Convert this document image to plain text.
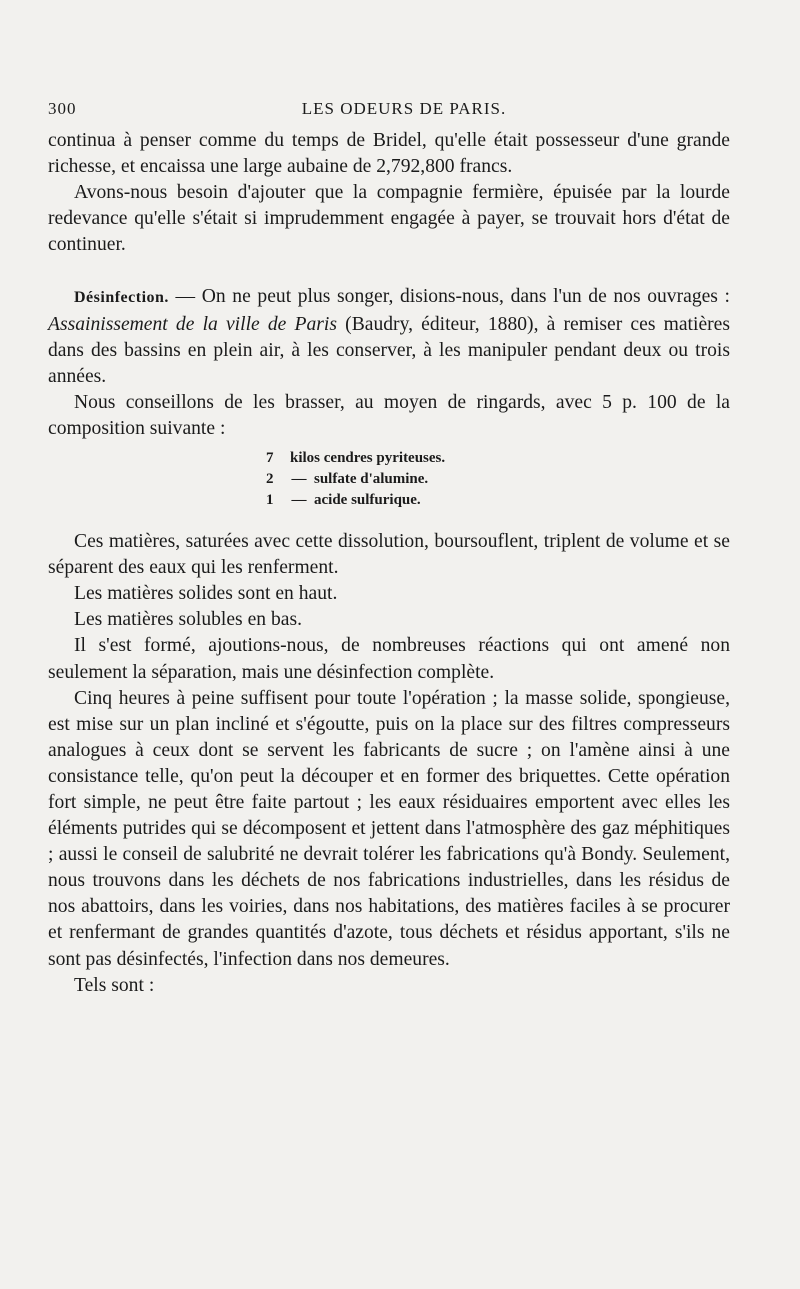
300	LES ODEURS DE PARIS.

continua à penser comme du temps de Bridel, qu'elle était possesseur d'une grande richesse, et encaissa une large aubaine de 2,792,800 francs.

Avons-nous besoin d'ajouter que la compagnie fermière, épuisée par la lourde redevance qu'elle s'était si imprudemment engagée à payer, se trouvait hors d'état de continuer.

Désinfection. — On ne peut plus songer, disions-nous, dans l'un de nos ouvrages : Assainissement de la ville de Paris (Baudry, éditeur, 1880), à remiser ces matières dans des bassins en plein air, à les conserver, à les manipuler pendant deux ou trois années.

Nous conseillons de les brasser, au moyen de ringards, avec 5 p. 100 de la composition suivante :

7	kilos cendres pyriteuses.
2	— sulfate d'alumine.
1	— acide sulfurique.

Ces matières, saturées avec cette dissolution, boursouflent, triplent de volume et se séparent des eaux qui les renferment.

Les matières solides sont en haut.

Les matières solubles en bas.

Il s'est formé, ajoutions-nous, de nombreuses réactions qui ont amené non seulement la séparation, mais une désinfection complète.

Cinq heures à peine suffisent pour toute l'opération ; la masse solide, spongieuse, est mise sur un plan incliné et s'égoutte, puis on la place sur des filtres compresseurs analogues à ceux dont se servent les fabricants de sucre ; on l'amène ainsi à une consistance telle, qu'on peut la découper et en former des briquettes. Cette opération fort simple, ne peut être faite partout ; les eaux résiduaires emportent avec elles les éléments putrides qui se décomposent et jettent dans l'atmosphère des gaz méphitiques ; aussi le conseil de salubrité ne devrait tolérer les fabrications qu'à Bondy. Seulement, nous trouvons dans les déchets de nos fabrications industrielles, dans les résidus de nos abattoirs, dans les voiries, dans nos habitations, des matières faciles à se procurer et renfermant de grandes quantités d'azote, tous déchets et résidus apportant, s'ils ne sont pas désinfectés, l'infection dans nos demeures.

Tels sont :
